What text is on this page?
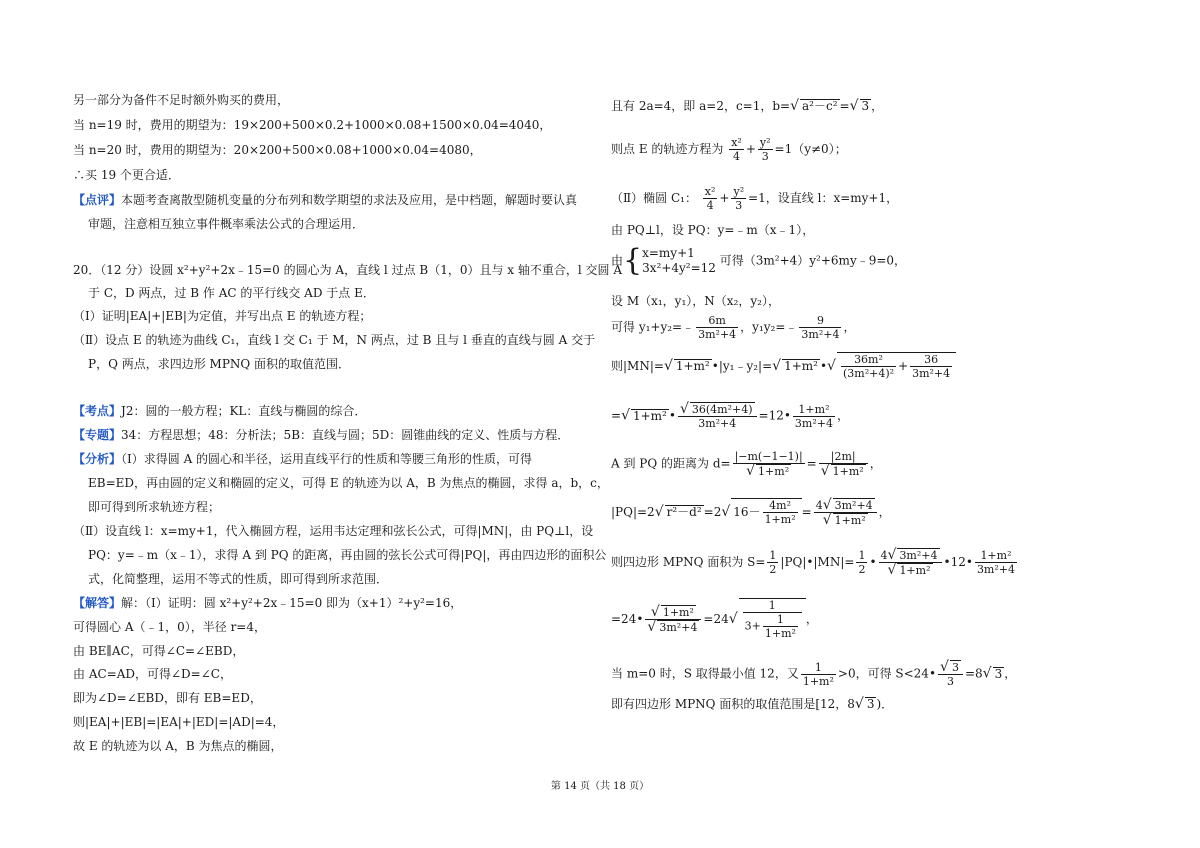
另一部分为备件不足时额外购买的费用，
当 n=19 时，费用的期望为：19×200+500×0.2+1000×0.08+1500×0.04=4040，
当 n=20 时，费用的期望为：20×200+500×0.08+1000×0.04=4080，
∴买 19 个更合适．
【点评】本题考查离散型随机变量的分布列和数学期望的求法及应用，是中档题，解题时要认真
审题，注意相互独立事件概率乘法公式的合理运用．
20．（12 分）设圆 x²+y²+2x﹣15=0 的圆心为 A，直线 l 过点 B（1，0）且与 x 轴不重合，l 交圆 A
于 C，D 两点，过 B 作 AC 的平行线交 AD 于点 E．
（Ⅰ）证明|EA|+|EB|为定值，并写出点 E 的轨迹方程；
（Ⅱ）设点 E 的轨迹为曲线 C₁，直线 l 交 C₁ 于 M，N 两点，过 B 且与 l 垂直的直线与圆 A 交于
P，Q 两点，求四边形 MPNQ 面积的取值范围．
【考点】J2：圆的一般方程；KL：直线与椭圆的综合．
【专题】34：方程思想；48：分析法；5B：直线与圆；5D：圆锥曲线的定义、性质与方程．
【分析】（Ⅰ）求得圆 A 的圆心和半径，运用直线平行的性质和等腰三角形的性质，可得
EB=ED，再由圆的定义和椭圆的定义，可得 E 的轨迹为以 A，B 为焦点的椭圆，求得 a，b，c，
即可得到所求轨迹方程；
（Ⅱ）设直线 l：x=my+1，代入椭圆方程，运用韦达定理和弦长公式，可得|MN|，由 PQ⊥l，设
PQ：y=﹣m（x﹣1），求得 A 到 PQ 的距离，再由圆的弦长公式可得|PQ|，再由四边形的面积公
式，化简整理，运用不等式的性质，即可得到所求范围．
【解答】解：（Ⅰ）证明：圆 x²+y²+2x﹣15=0 即为（x+1）²+y²=16，
可得圆心 A（﹣1，0），半径 r=4，
由 BE∥AC，可得∠C=∠EBD，
由 AC=AD，可得∠D=∠C，
即为∠D=∠EBD，即有 EB=ED，
则|EA|+|EB|=|EA|+|ED|=|AD|=4，
故 E 的轨迹为以 A，B 为焦点的椭圆，
且有 2a=4，即 a=2，c=1，b=√ a²－c² =√ 3 ，
则点 E 的轨迹方程为 $\frac{\text{x²}}{4} + \frac{\text{y²}}{3} =1(y\ne 0)$；
（Ⅱ）椭圆 C₁： $\frac{\text{x²}}{4} + \frac{\text{y²}}{3} =1$，设直线 l：x=my+1，
由 PQ⊥l，设 PQ：y=﹣m（x﹣1），
由{ x=my+1
3x²+4y²=12
可得（3m²+4）y²+6my﹣9=0，
设 M（x₁，y₁），N（x₂，y₂），
可得 y₁+y₂=﹣ $\frac{6m}{\text{3m²+4}}$ ，y₁y₂=﹣ $\frac{9}{\text{3m²+4}}$ ，
则|MN|=√ 1+m² •|y₁﹣y₂|=√ 1+m² •√ $\frac{\text{36m²}}{\text{(3m²+4)²}} + \frac{36}{\text{3m²+4}}$
=√ 1+m² • $\frac{\text{√ 36(4m²+4)}}{\text{3m²+4}}$ =12• $\frac{\text{1+m²}}{\text{3m²+4}}$ ，
A 到 PQ 的距离为 $d= \frac{|-m(-1-1)|}{\text{√ 1+m²}} = \frac{|2m|}{\text{√ 1+m²}}$ ，
|PQ|=2√ r²－d² =2√ $16- \frac{\text{4m²}}{\text{1+m²}} = \frac{\text{4√ 3m²+4}}{\text{√ 1+m²}}$ ，
则四边形 MPNQ 面积为 $S= \frac{1}{2}$ |PQ|•|MN|= $\frac{1}{2}$ • $\frac{\text{4√ 3m²+4}}{\text{√ 1+m²}}$ •12• $\frac{\text{1+m²}}{\text{3m²+4}}$
=24• $\frac{\text{√ 1+m²}}{\text{√ 3m²+4}} =24√ \frac{1}{3+ \frac{1}{\text{1+m²}}}$ ，
当 m=0 时，S 取得最小值 12，又 $\frac{1}{\text{1+m²}} >0$，可得 S<24• $\frac{√ 3}{3} =8√$ 3 ，
即有四边形 MPNQ 面积的取值范围是[12，8√ 3 )．
第 14 页（共 18 页）
